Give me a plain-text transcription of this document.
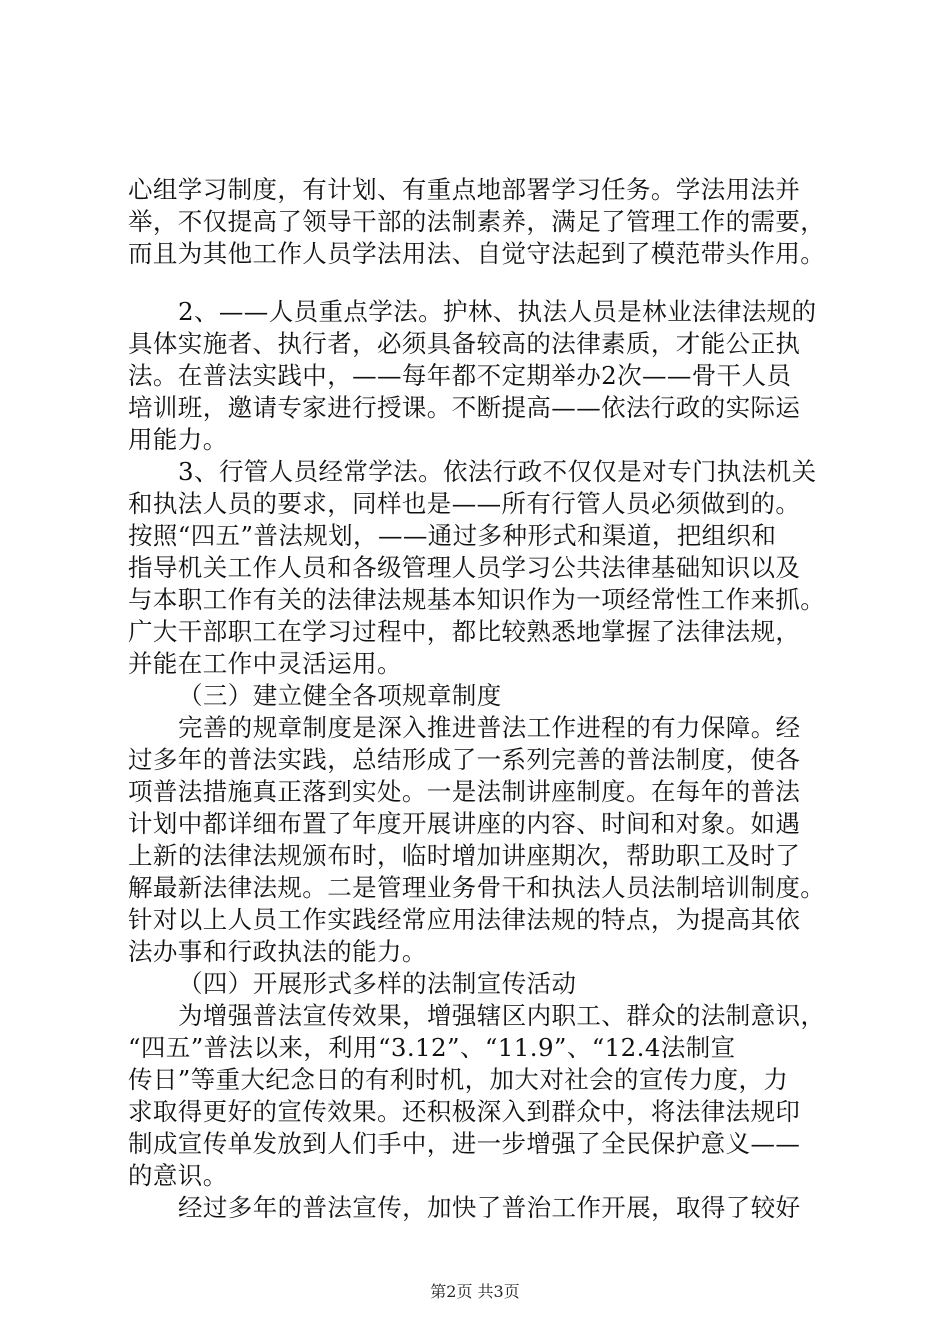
心组学习制度，有计划、有重点地部署学习任务。学法用法并
举，不仅提高了领导干部的法制素养，满足了管理工作的需要，
而且为其他工作人员学法用法、自觉守法起到了模范带头作用。
2、——人员重点学法。护林、执法人员是林业法律法规的
具体实施者、执行者，必须具备较高的法律素质，才能公正执
法。在普法实践中，——每年都不定期举办2次——骨干人员
培训班，邀请专家进行授课。不断提高——依法行政的实际运
用能力。
3、行管人员经常学法。依法行政不仅仅是对专门执法机关
和执法人员的要求，同样也是——所有行管人员必须做到的。
按照“四五”普法规划，——通过多种形式和渠道，把组织和
指导机关工作人员和各级管理人员学习公共法律基础知识以及
与本职工作有关的法律法规基本知识作为一项经常性工作来抓。
广大干部职工在学习过程中，都比较熟悉地掌握了法律法规，
并能在工作中灵活运用。
（三）建立健全各项规章制度
完善的规章制度是深入推进普法工作进程的有力保障。经
过多年的普法实践，总结形成了一系列完善的普法制度，使各
项普法措施真正落到实处。一是法制讲座制度。在每年的普法
计划中都详细布置了年度开展讲座的内容、时间和对象。如遇
上新的法律法规颁布时，临时增加讲座期次，帮助职工及时了
解最新法律法规。二是管理业务骨干和执法人员法制培训制度。
针对以上人员工作实践经常应用法律法规的特点，为提高其依
法办事和行政执法的能力。
（四）开展形式多样的法制宣传活动
为增强普法宣传效果，增强辖区内职工、群众的法制意识，
“四五”普法以来，利用“3.12”、“11.9”、“12.4法制宣
传日”等重大纪念日的有利时机，加大对社会的宣传力度，力
求取得更好的宣传效果。还积极深入到群众中，将法律法规印
制成宣传单发放到人们手中，进一步增强了全民保护意义——
的意识。
经过多年的普法宣传，加快了普治工作开展，取得了较好
第2页 共3页
